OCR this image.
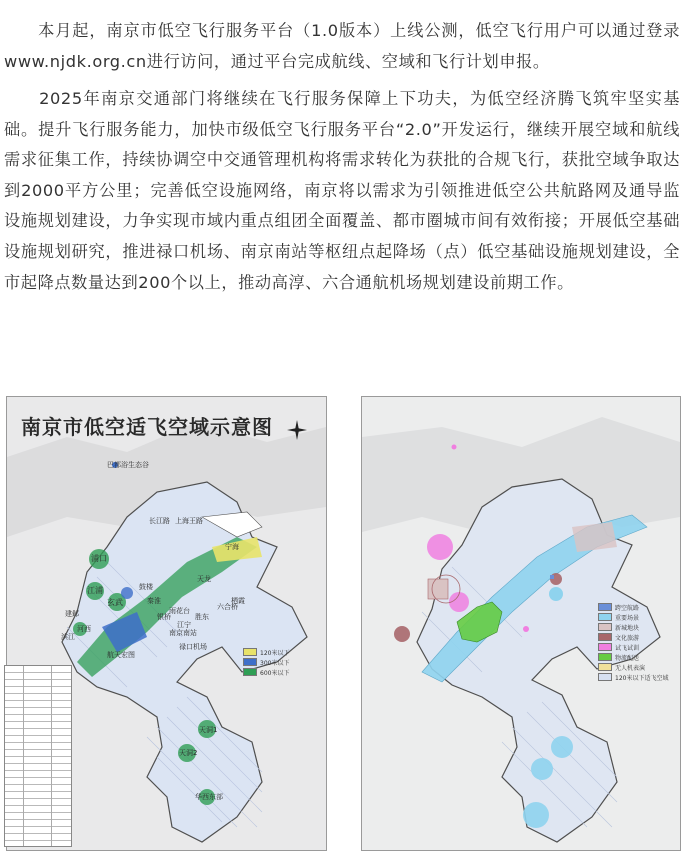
　　本月起，南京市低空飞行服务平台（1.0版本）上线公测，低空飞行用户可以通过登录www.njdk.org.cn进行访问，通过平台完成航线、空域和飞行计划申报。

　　2025年南京交通部门将继续在飞行服务保障上下功夫，为低空经济腾飞筑牢坚实基础。提升飞行服务能力，加快市级低空飞行服务平台“2.0”开发运行，继续开展空域和航线需求征集工作，持续协调空中交通管理机构将需求转化为获批的合规飞行，获批空域争取达到2000平方公里；完善低空设施网络，南京将以需求为引领推进低空公共航路网及通导监设施规划建设，力争实现市域内重点组团全面覆盖、都市圈城市间有效衔接；开展低空基础设施规划研究，推进禄口机场、南京南站等枢纽点起降场（点）低空基础设施规划建设，全市起降点数量达到200个以上，推动高淳、六合通航机场规划建设前期工作。

南京市低空适飞空域示意图
巴都浴生态谷
长江路 上海王路
浦口
江浦	鼓楼
玄武
宁海
秦淮
建邺
河西
雨花台
江宁
滨江
天龙
禄口机场
栖霞
银桥	胜东
航天宏图
南京南站
天洞1
天洞2
华西东部
六合桥
120米以下
300米以下
600米以下
跨空航路
重要场景
新城地块
文化旅游
试飞试训
物流配送
无人机表演
120米以下适飞空域
